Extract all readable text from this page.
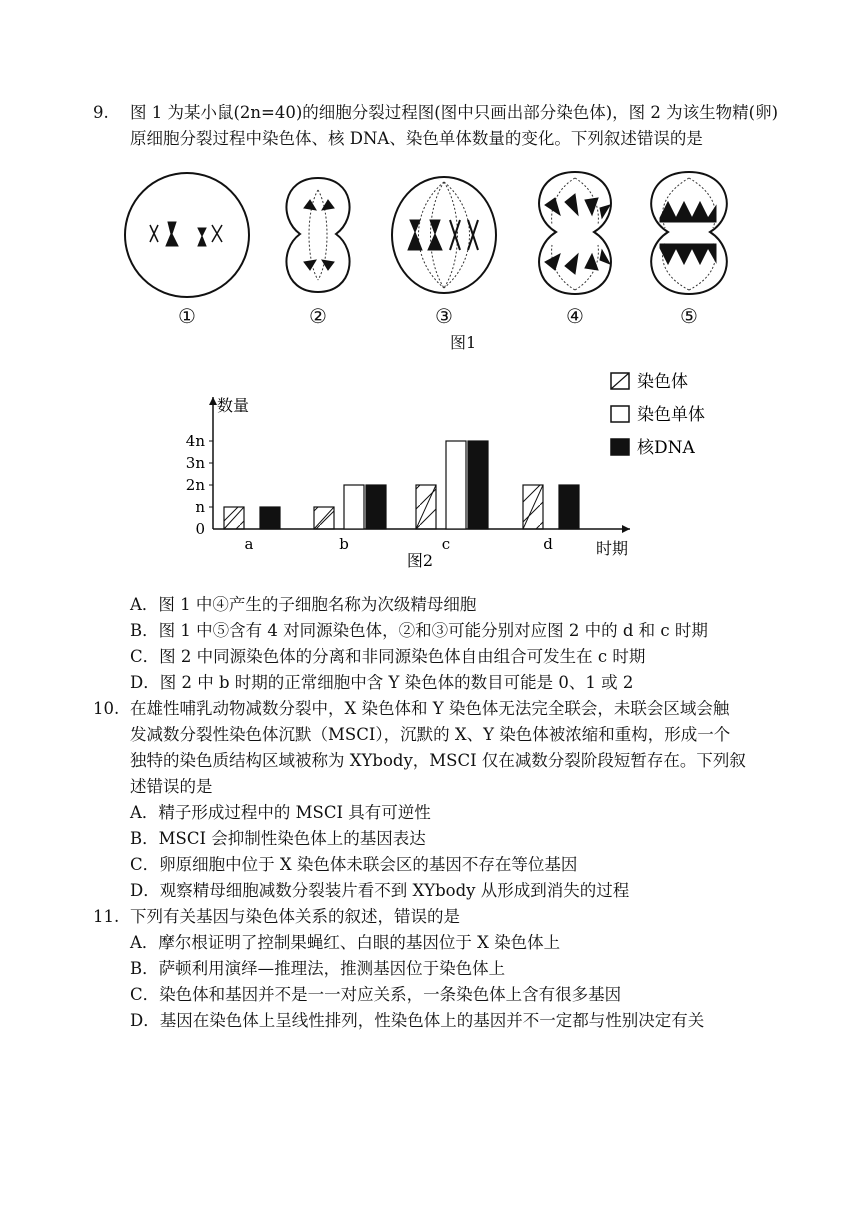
9. 图 1 为某小鼠(2n=40)的细胞分裂过程图(图中只画出部分染色体)，图 2 为该生物精(卵)
原细胞分裂过程中染色体、核 DNA、染色单体数量的变化。下列叙述错误的是
①	②	③	④	⑤
图1
数量
时期
0
n
2n
3n
4n
a	b	c	d
图2
染色体
染色单体
核DNA
A．图 1 中④产生的子细胞名称为次级精母细胞
B．图 1 中⑤含有 4 对同源染色体，②和③可能分别对应图 2 中的 d 和 c 时期
C．图 2 中同源染色体的分离和非同源染色体自由组合可发生在 c 时期
D．图 2 中 b 时期的正常细胞中含 Y 染色体的数目可能是 0、1 或 2
10. 在雄性哺乳动物减数分裂中，X 染色体和 Y 染色体无法完全联会，未联会区域会触
发减数分裂性染色体沉默（MSCI），沉默的 X、Y 染色体被浓缩和重构，形成一个
独特的染色质结构区域被称为 XYbody，MSCI 仅在减数分裂阶段短暂存在。下列叙
述错误的是
A．精子形成过程中的 MSCI 具有可逆性
B．MSCI 会抑制性染色体上的基因表达
C．卵原细胞中位于 X 染色体未联会区的基因不存在等位基因
D．观察精母细胞减数分裂装片看不到 XYbody 从形成到消失的过程
11. 下列有关基因与染色体关系的叙述，错误的是
A．摩尔根证明了控制果蝇红、白眼的基因位于 X 染色体上
B．萨顿利用演绎—推理法，推测基因位于染色体上
C．染色体和基因并不是一一对应关系，一条染色体上含有很多基因
D．基因在染色体上呈线性排列，性染色体上的基因并不一定都与性别决定有关
